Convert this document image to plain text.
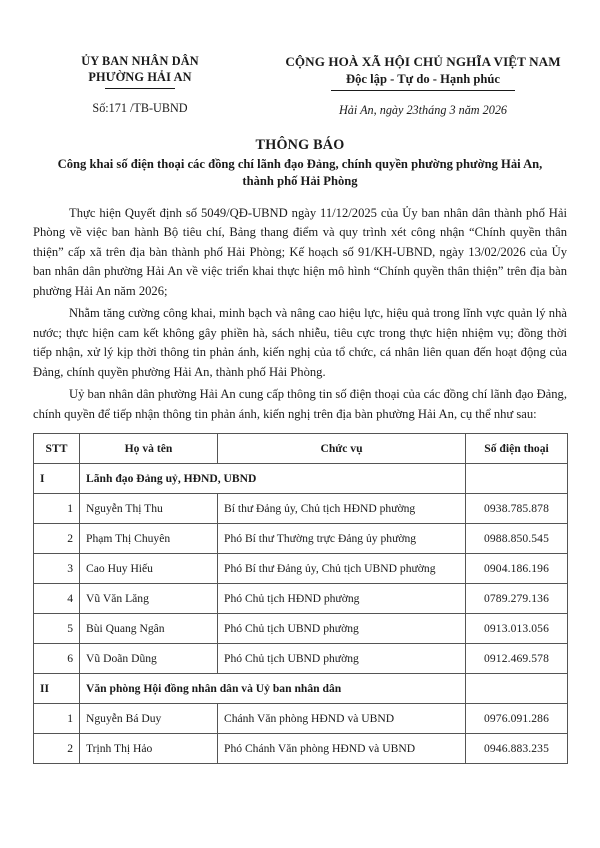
ỦY BAN NHÂN DÂN
PHƯỜNG HẢI AN
Số:171 /TB-UBND
CỘNG HOÀ XÃ HỘI CHỦ NGHĨA VIỆT NAM
Độc lập - Tự do - Hạnh phúc
Hải An, ngày 23tháng 3 năm 2026
THÔNG BÁO
Công khai số điện thoại các đồng chí lãnh đạo Đảng, chính quyền phường phường Hải An, thành phố Hải Phòng

Thực hiện Quyết định số 5049/QĐ-UBND ngày 11/12/2025 của Ủy ban nhân dân thành phố Hải Phòng về việc ban hành Bộ tiêu chí, Bảng thang điểm và quy trình xét công nhận “Chính quyền thân thiện” cấp xã trên địa bàn thành phố Hải Phòng; Kế hoạch số 91/KH-UBND, ngày 13/02/2026 của Ủy ban nhân dân phường Hải An về việc triển khai thực hiện mô hình “Chính quyền thân thiện” trên địa bàn phường Hải An năm 2026;

Nhằm tăng cường công khai, minh bạch và nâng cao hiệu lực, hiệu quả trong lĩnh vực quản lý nhà nước; thực hiện cam kết không gây phiền hà, sách nhiễu, tiêu cực trong thực hiện nhiệm vụ; đồng thời tiếp nhận, xử lý kịp thời thông tin phản ánh, kiến nghị của tổ chức, cá nhân liên quan đến hoạt động của Đảng, chính quyền phường Hải An, thành phố Hải Phòng.

Uỷ ban nhân dân phường Hải An cung cấp thông tin số điện thoại của các đồng chí lãnh đạo Đảng, chính quyền để tiếp nhận thông tin phản ánh, kiến nghị trên địa bàn phường Hải An, cụ thể như sau:

STT	Họ và tên	Chức vụ	Số điện thoại
I	Lãnh đạo Đảng uỷ, HĐND, UBND		
1	Nguyễn Thị Thu	Bí thư Đảng ủy, Chủ tịch HĐND phường	0938.785.878
2	Phạm Thị Chuyên	Phó Bí thư Thường trực Đảng ủy phường	0988.850.545
3	Cao Huy Hiếu	Phó Bí thư Đảng ủy, Chủ tịch UBND phường	0904.186.196
4	Vũ Văn Lăng	Phó Chủ tịch HĐND phường	0789.279.136
5	Bùi Quang Ngân	Phó Chủ tịch UBND phường	0913.013.056
6	Vũ Doãn Dũng	Phó Chủ tịch UBND phường	0912.469.578
II	Văn phòng Hội đồng nhân dân và Uỷ ban nhân dân		
1	Nguyễn Bá Duy	Chánh Văn phòng HĐND và UBND	0976.091.286
2	Trịnh Thị Hảo	Phó Chánh Văn phòng HĐND và UBND	0946.883.235
